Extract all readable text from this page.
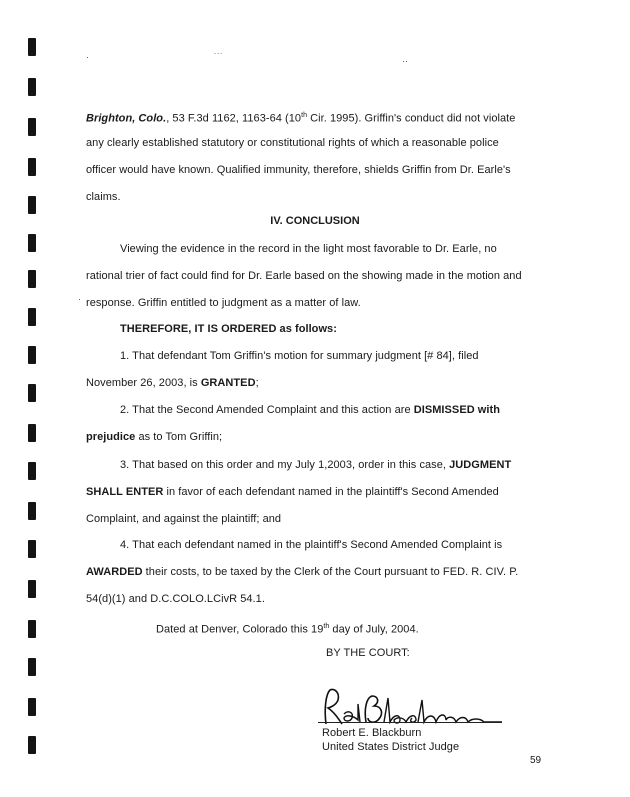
·	˙˙˙	··
·
Brighton, Colo., 53 F.3d 1162, 1163-64 (10th Cir. 1995). Griffin's conduct did not violate
any clearly established statutory or constitutional rights of which a reasonable police
officer would have known. Qualified immunity, therefore, shields Griffin from Dr. Earle's
claims.
IV. CONCLUSION
Viewing the evidence in the record in the light most favorable to Dr. Earle, no
rational trier of fact could find for Dr. Earle based on the showing made in the motion and
response. Griffin entitled to judgment as a matter of law.
THEREFORE, IT IS ORDERED as follows:
1. That defendant Tom Griffin's motion for summary judgment [# 84], filed
November 26, 2003, is GRANTED;
2. That the Second Amended Complaint and this action are DISMISSED with
prejudice as to Tom Griffin;
3. That based on this order and my July 1,2003, order in this case, JUDGMENT
SHALL ENTER in favor of each defendant named in the plaintiff's Second Amended
Complaint, and against the plaintiff; and
4. That each defendant named in the plaintiff's Second Amended Complaint is
AWARDED their costs, to be taxed by the Clerk of the Court pursuant to FED. R. CIV. P.
54(d)(1) and D.C.COLO.LCivR 54.1.
Dated at Denver, Colorado this 19th day of July, 2004.
BY THE COURT:
Robert E. Blackburn
United States District Judge
59
